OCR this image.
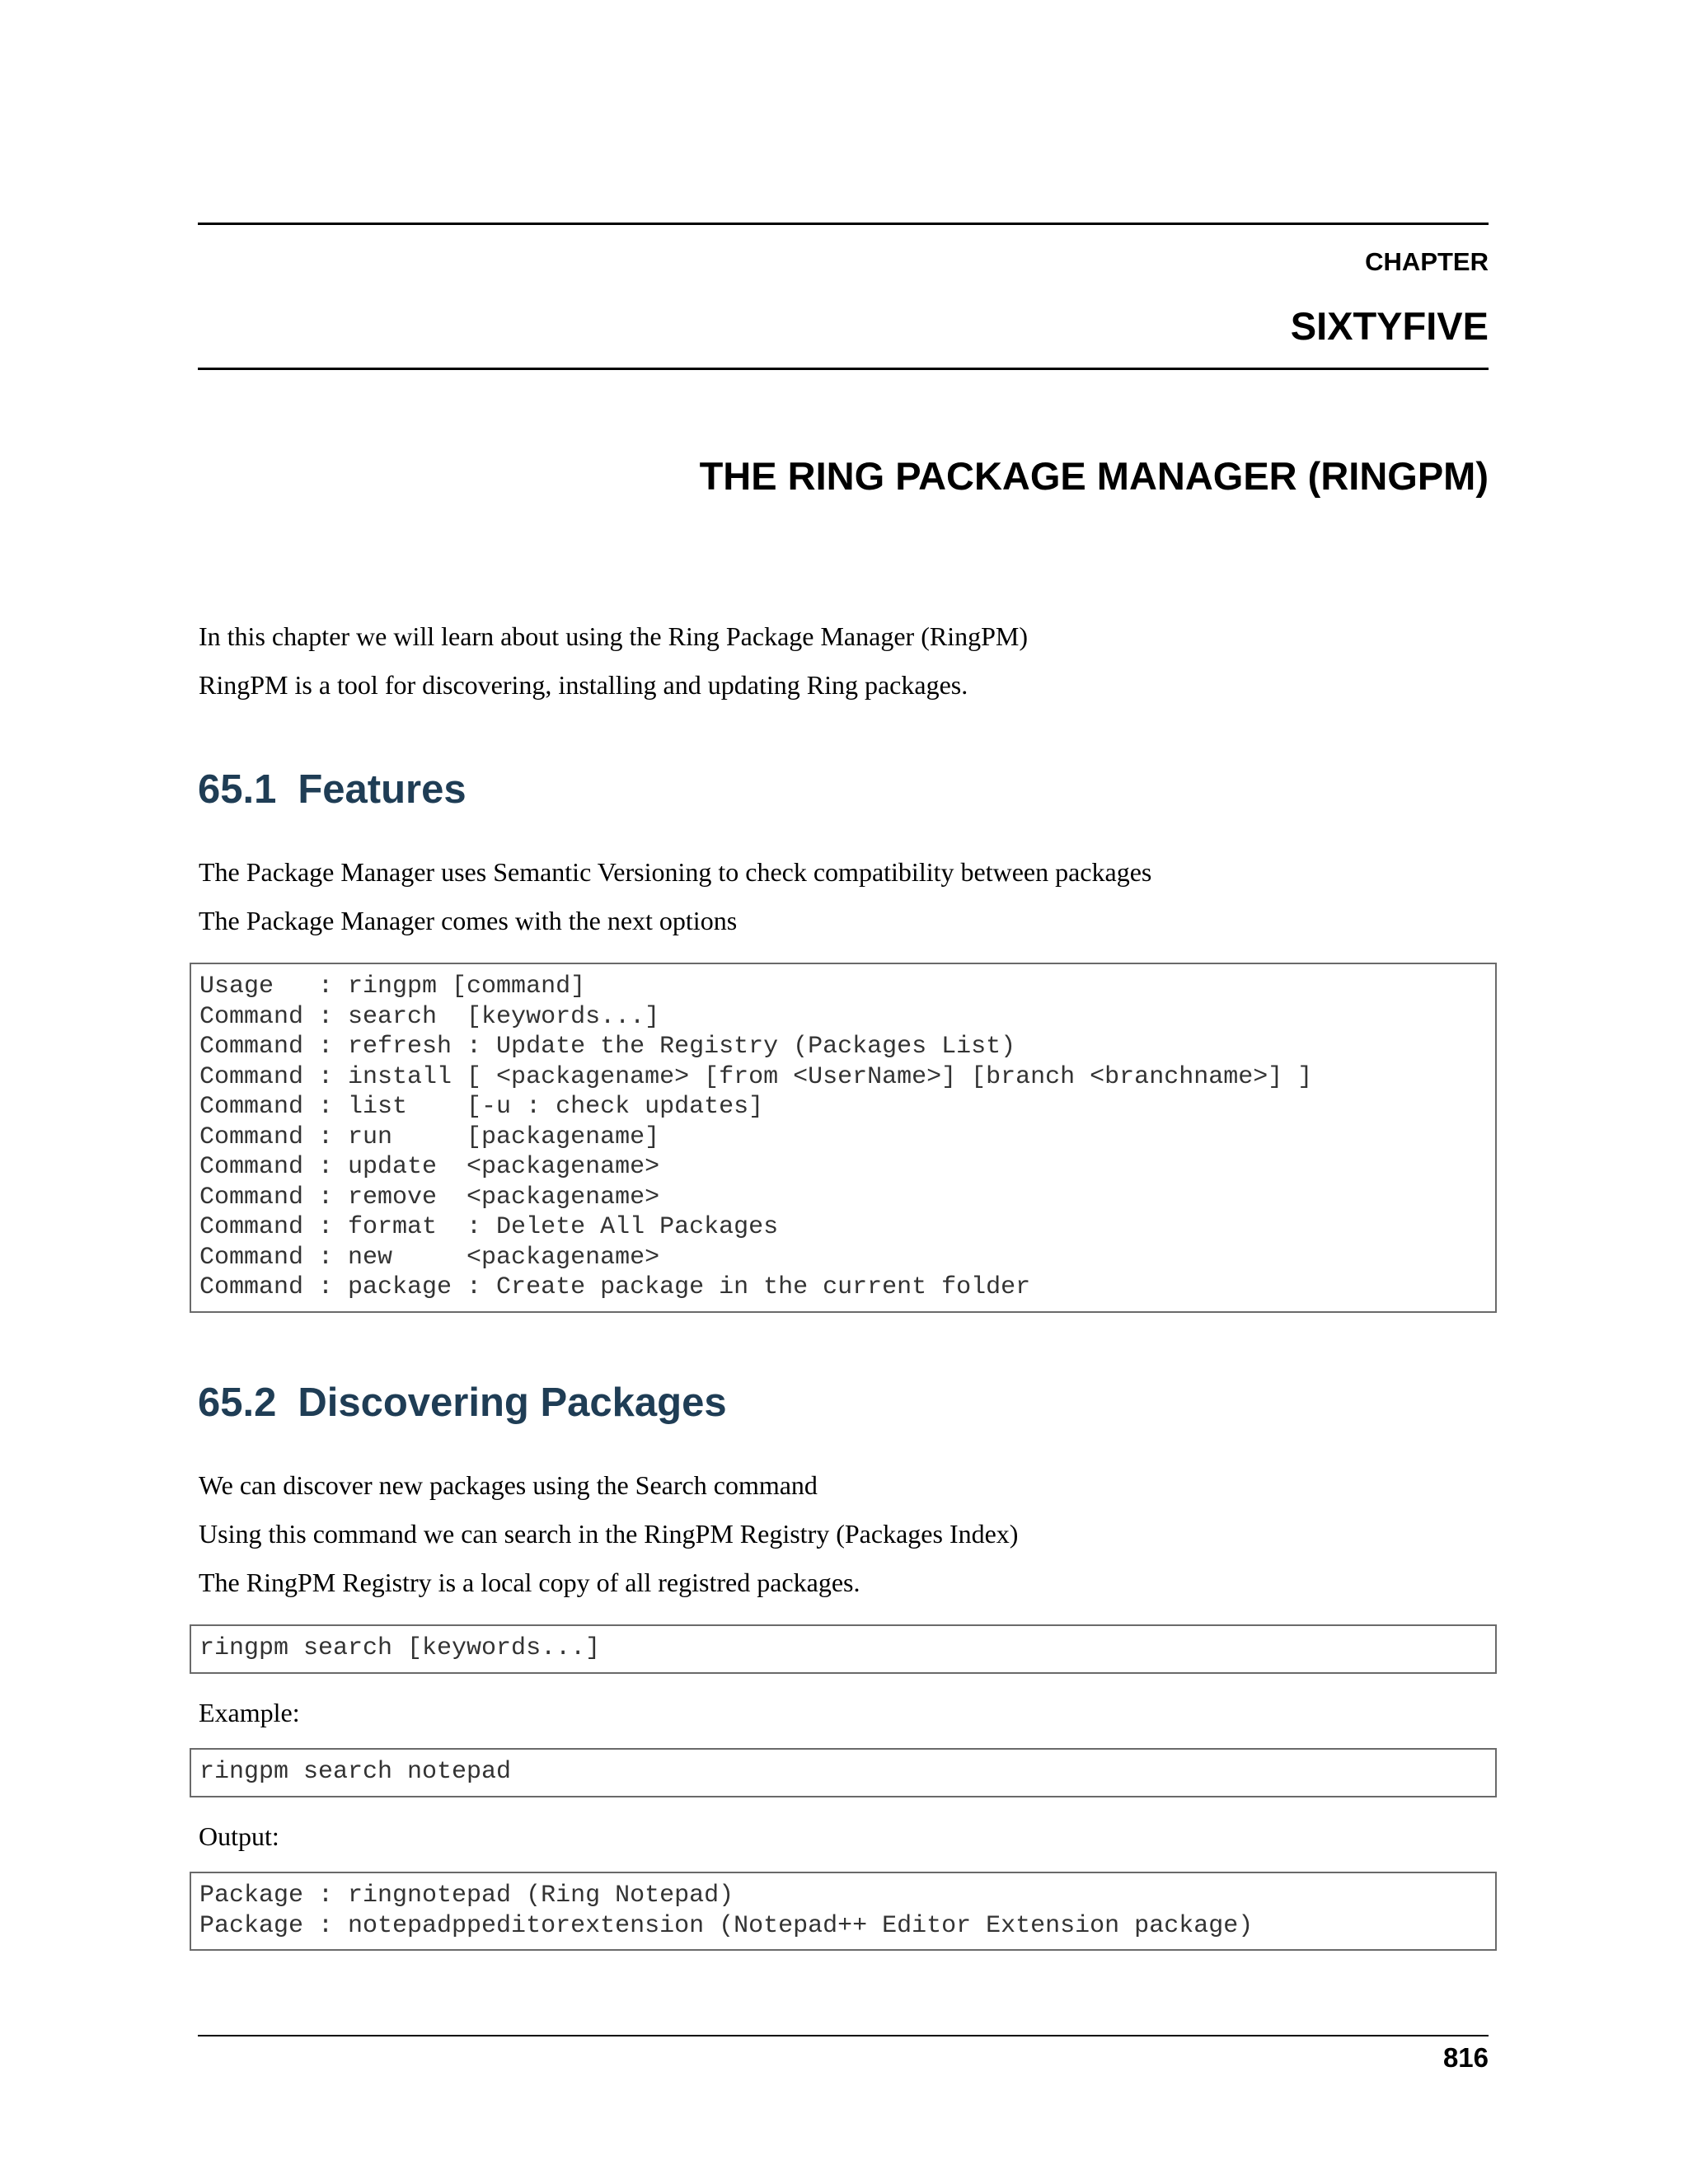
CHAPTER
SIXTYFIVE
THE RING PACKAGE MANAGER (RINGPM)

In this chapter we will learn about using the Ring Package Manager (RingPM)

RingPM is a tool for discovering, installing and updating Ring packages.

65.1 Features

The Package Manager uses Semantic Versioning to check compatibility between packages

The Package Manager comes with the next options

Usage   : ringpm [command]
Command : search  [keywords...]
Command : refresh : Update the Registry (Packages List)
Command : install [ <packagename> [from <UserName>] [branch <branchname>] ]
Command : list    [-u : check updates]
Command : run     [packagename]
Command : update  <packagename>
Command : remove  <packagename>
Command : format  : Delete All Packages
Command : new     <packagename>
Command : package : Create package in the current folder
65.2 Discovering Packages

We can discover new packages using the Search command

Using this command we can search in the RingPM Registry (Packages Index)

The RingPM Registry is a local copy of all registred packages.

ringpm search [keywords...]

Example:

ringpm search notepad

Output:

Package : ringnotepad (Ring Notepad)
Package : notepadppeditorextension (Notepad++ Editor Extension package)
816
